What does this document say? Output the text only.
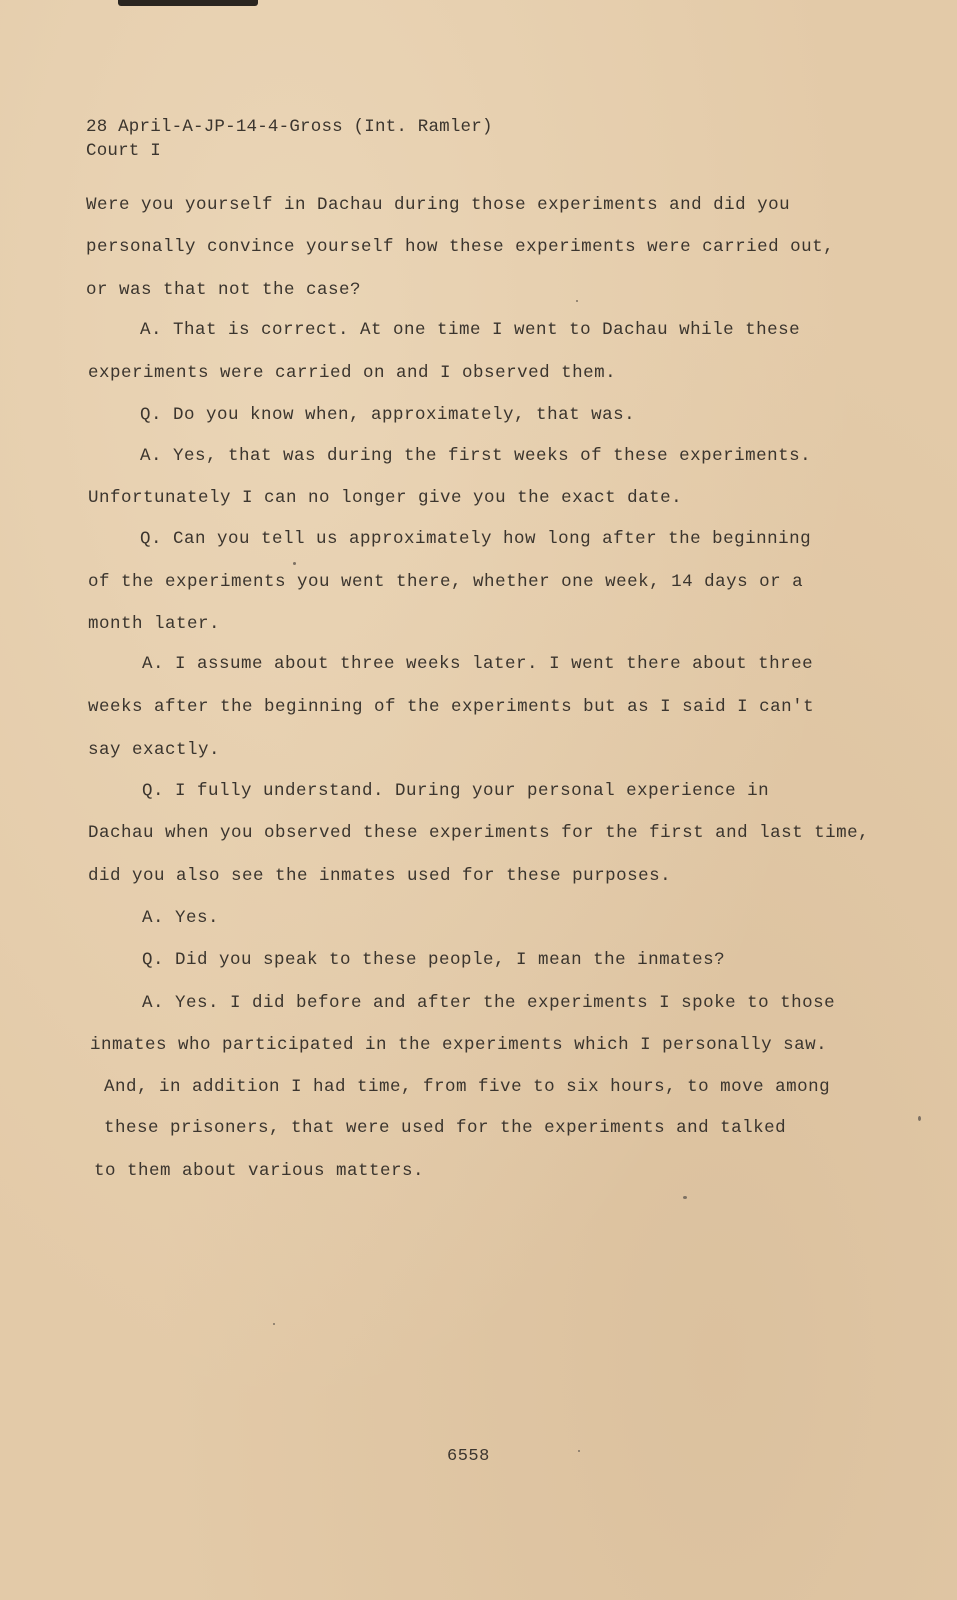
28 April-A-JP-14-4-Gross (Int. Ramler)
Court I
Were you yourself in Dachau during those experiments and did you
personally convince yourself how these experiments were carried out,
or was that not the case?
A. That is correct. At one time I went to Dachau while these
experiments were carried on and I observed them.
Q. Do you know when, approximately, that was.
A. Yes, that was during the first weeks of these experiments.
Unfortunately I can no longer give you the exact date.
Q. Can you tell us approximately how long after the beginning
of the experiments you went there, whether one week, 14 days or a
month later.
A. I assume about three weeks later. I went there about three
weeks after the beginning of the experiments but as I said I can't
say exactly.
Q. I fully understand. During your personal experience in
Dachau when you observed these experiments for the first and last time,
did you also see the inmates used for these purposes.
A. Yes.
Q. Did you speak to these people, I mean the inmates?
A. Yes. I did before and after the experiments I spoke to those
inmates who participated in the experiments which I personally saw.
And, in addition I had time, from five to six hours, to move among
these prisoners, that were used for the experiments and talked
to them about various matters.
6558
